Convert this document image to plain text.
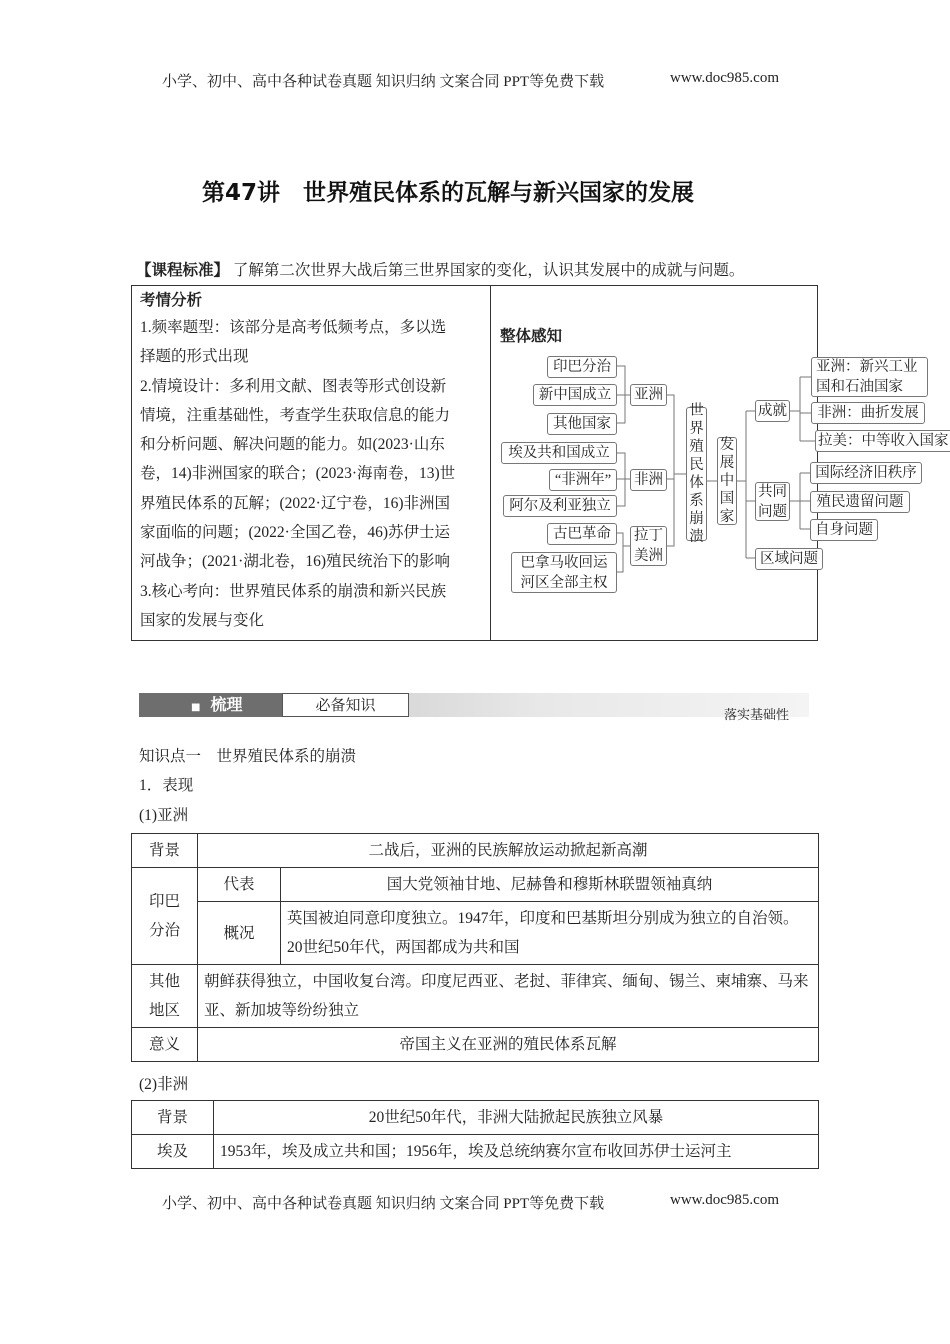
小学、初中、高中各种试卷真题 知识归纳 文案合同 PPT等免费下载	www.doc985.com
第47讲　世界殖民体系的瓦解与新兴国家的发展
【课程标准】 了解第二次世界大战后第三世界国家的变化，认识其发展中的成就与问题。
考情分析
1.频率题型：该部分是高考低频考点，多以选
择题的形式出现
2.情境设计：多利用文献、图表等形式创设新
情境，注重基础性，考查学生获取信息的能力
和分析问题、解决问题的能力。如(2023·山东
卷，14)非洲国家的联合；(2023·海南卷，13)世
界殖民体系的瓦解；(2022·辽宁卷，16)非洲国
家面临的问题；(2022·全国乙卷，46)苏伊士运
河战争；(2021·湖北卷，16)殖民统治下的影响
3.核心考向：世界殖民体系的崩溃和新兴民族
国家的发展与变化
整体感知
印巴分治
新中国成立
其他国家
亚洲
埃及共和国成立
“非洲年”
阿尔及利亚独立
非洲
古巴革命
巴拿马收回运河区全部主权
拉丁美洲
世界殖民体系崩溃
发展中国家
成就
亚洲：新兴工业国和石油国家
非洲：曲折发展
拉美：中等收入国家
共同问题
国际经济旧秩序
殖民遗留问题
自身问题
区域问题
■ 梳理	必备知识
落实基础性
知识点一　世界殖民体系的崩溃
1．表现
(1)亚洲
背景	二战后，亚洲的民族解放运动掀起新高潮	
印巴分治	代表	国大党领袖甘地、尼赫鲁和穆斯林联盟领袖真纳
	概况	英国被迫同意印度独立。1947年，印度和巴基斯坦分别成为独立的自治领。20世纪50年代，两国都成为共和国
其他地区	朝鲜获得独立，中国收复台湾。印度尼西亚、老挝、菲律宾、缅甸、锡兰、柬埔寨、马来亚、新加坡等纷纷独立	
意义	帝国主义在亚洲的殖民体系瓦解	
(2)非洲
背景	20世纪50年代，非洲大陆掀起民族独立风暴
埃及	1953年，埃及成立共和国；1956年，埃及总统纳赛尔宣布收回苏伊士运河主
小学、初中、高中各种试卷真题 知识归纳 文案合同 PPT等免费下载	www.doc985.com
